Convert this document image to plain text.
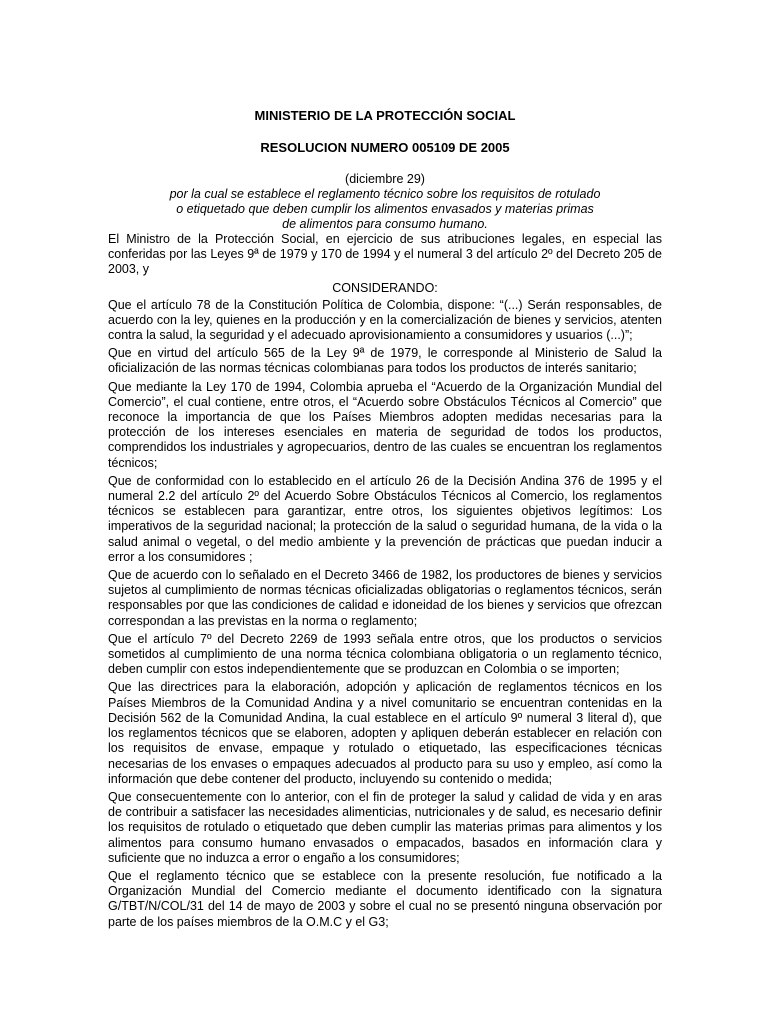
MINISTERIO DE LA PROTECCIÓN SOCIAL

RESOLUCION NUMERO 005109 DE 2005

(diciembre 29)
por la cual se establece el reglamento técnico sobre los requisitos de rotulado
o etiquetado que deben cumplir los alimentos envasados y materias primas
de alimentos para consumo humano.

El Ministro de la Protección Social, en ejercicio de sus atribuciones legales, en especial las conferidas por las Leyes 9ª de 1979 y 170 de 1994 y el numeral 3 del artículo 2º del Decreto 205 de 2003, y

CONSIDERANDO:

Que el artículo 78 de la Constitución Política de Colombia, dispone: “(...) Serán responsables, de acuerdo con la ley, quienes en la producción y en la comercialización de bienes y servicios, atenten contra la salud, la seguridad y el adecuado aprovisionamiento a consumidores y usuarios (...)”;

Que en virtud del artículo 565 de la Ley 9ª de 1979, le corresponde al Ministerio de Salud la oficialización de las normas técnicas colombianas para todos los productos de interés sanitario;

Que mediante la Ley 170 de 1994, Colombia aprueba el “Acuerdo de la Organización Mundial del Comercio”, el cual contiene, entre otros, el “Acuerdo sobre Obstáculos Técnicos al Comercio” que reconoce la importancia de que los Países Miembros adopten medidas necesarias para la protección de los intereses esenciales en materia de seguridad de todos los productos, comprendidos los industriales y agropecuarios, dentro de las cuales se encuentran los reglamentos técnicos;

Que de conformidad con lo establecido en el artículo 26 de la Decisión Andina 376 de 1995 y el numeral 2.2 del artículo 2º del Acuerdo Sobre Obstáculos Técnicos al Comercio, los reglamentos técnicos se establecen para garantizar, entre otros, los siguientes objetivos legítimos: Los imperativos de la seguridad nacional; la protección de la salud o seguridad humana, de la vida o la salud animal o vegetal, o del medio ambiente y la prevención de prácticas que puedan inducir a error a los consumidores ;

Que de acuerdo con lo señalado en el Decreto 3466 de 1982, los productores de bienes y servicios sujetos al cumplimiento de normas técnicas oficializadas obligatorias o reglamentos técnicos, serán responsables por que las condiciones de calidad e idoneidad de los bienes y servicios que ofrezcan correspondan a las previstas en la norma o reglamento;

Que el artículo 7º del Decreto 2269 de 1993 señala entre otros, que los productos o servicios sometidos al cumplimiento de una norma técnica colombiana obligatoria o un reglamento técnico, deben cumplir con estos independientemente que se produzcan en Colombia o se importen;

Que las directrices para la elaboración, adopción y aplicación de reglamentos técnicos en los Países Miembros de la Comunidad Andina y a nivel comunitario se encuentran contenidas en la Decisión 562 de la Comunidad Andina, la cual establece en el artículo 9º numeral 3 literal d), que los reglamentos técnicos que se elaboren, adopten y apliquen deberán establecer en relación con los requisitos de envase, empaque y rotulado o etiquetado, las especificaciones técnicas necesarias de los envases o empaques adecuados al producto para su uso y empleo, así como la información que debe contener del producto, incluyendo su contenido o medida;

Que consecuentemente con lo anterior, con el fin de proteger la salud y calidad de vida y en aras de contribuir a satisfacer las necesidades alimenticias, nutricionales y de salud, es necesario definir los requisitos de rotulado o etiquetado que deben cumplir las materias primas para alimentos y los alimentos para consumo humano envasados o empacados, basados en información clara y suficiente que no induzca a error o engaño a los consumidores;

Que el reglamento técnico que se establece con la presente resolución, fue notificado a la Organización Mundial del Comercio mediante el documento identificado con la signatura G/TBT/N/COL/31 del 14 de mayo de 2003 y sobre el cual no se presentó ninguna observación por parte de los países miembros de la O.M.C y el G3;
